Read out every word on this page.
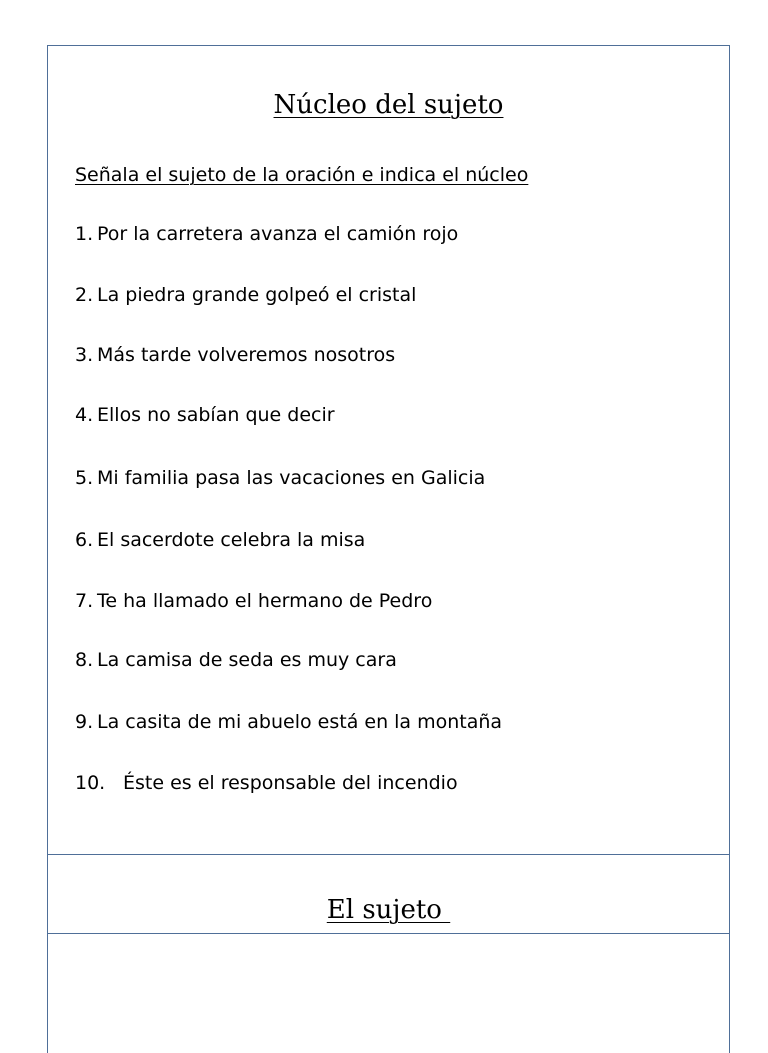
Núcleo del sujeto
Señala el sujeto de la oración e indica el núcleo
1. Por la carretera avanza el camión rojo
2. La piedra grande golpeó el cristal
3. Más tarde volveremos nosotros
4. Ellos no sabían que decir
5. Mi familia pasa las vacaciones en Galicia
6. El sacerdote celebra la misa
7. Te ha llamado el hermano de Pedro
8. La camisa de seda es muy cara
9. La casita de mi abuelo está en la montaña
10. Éste es el responsable del incendio
El sujeto
